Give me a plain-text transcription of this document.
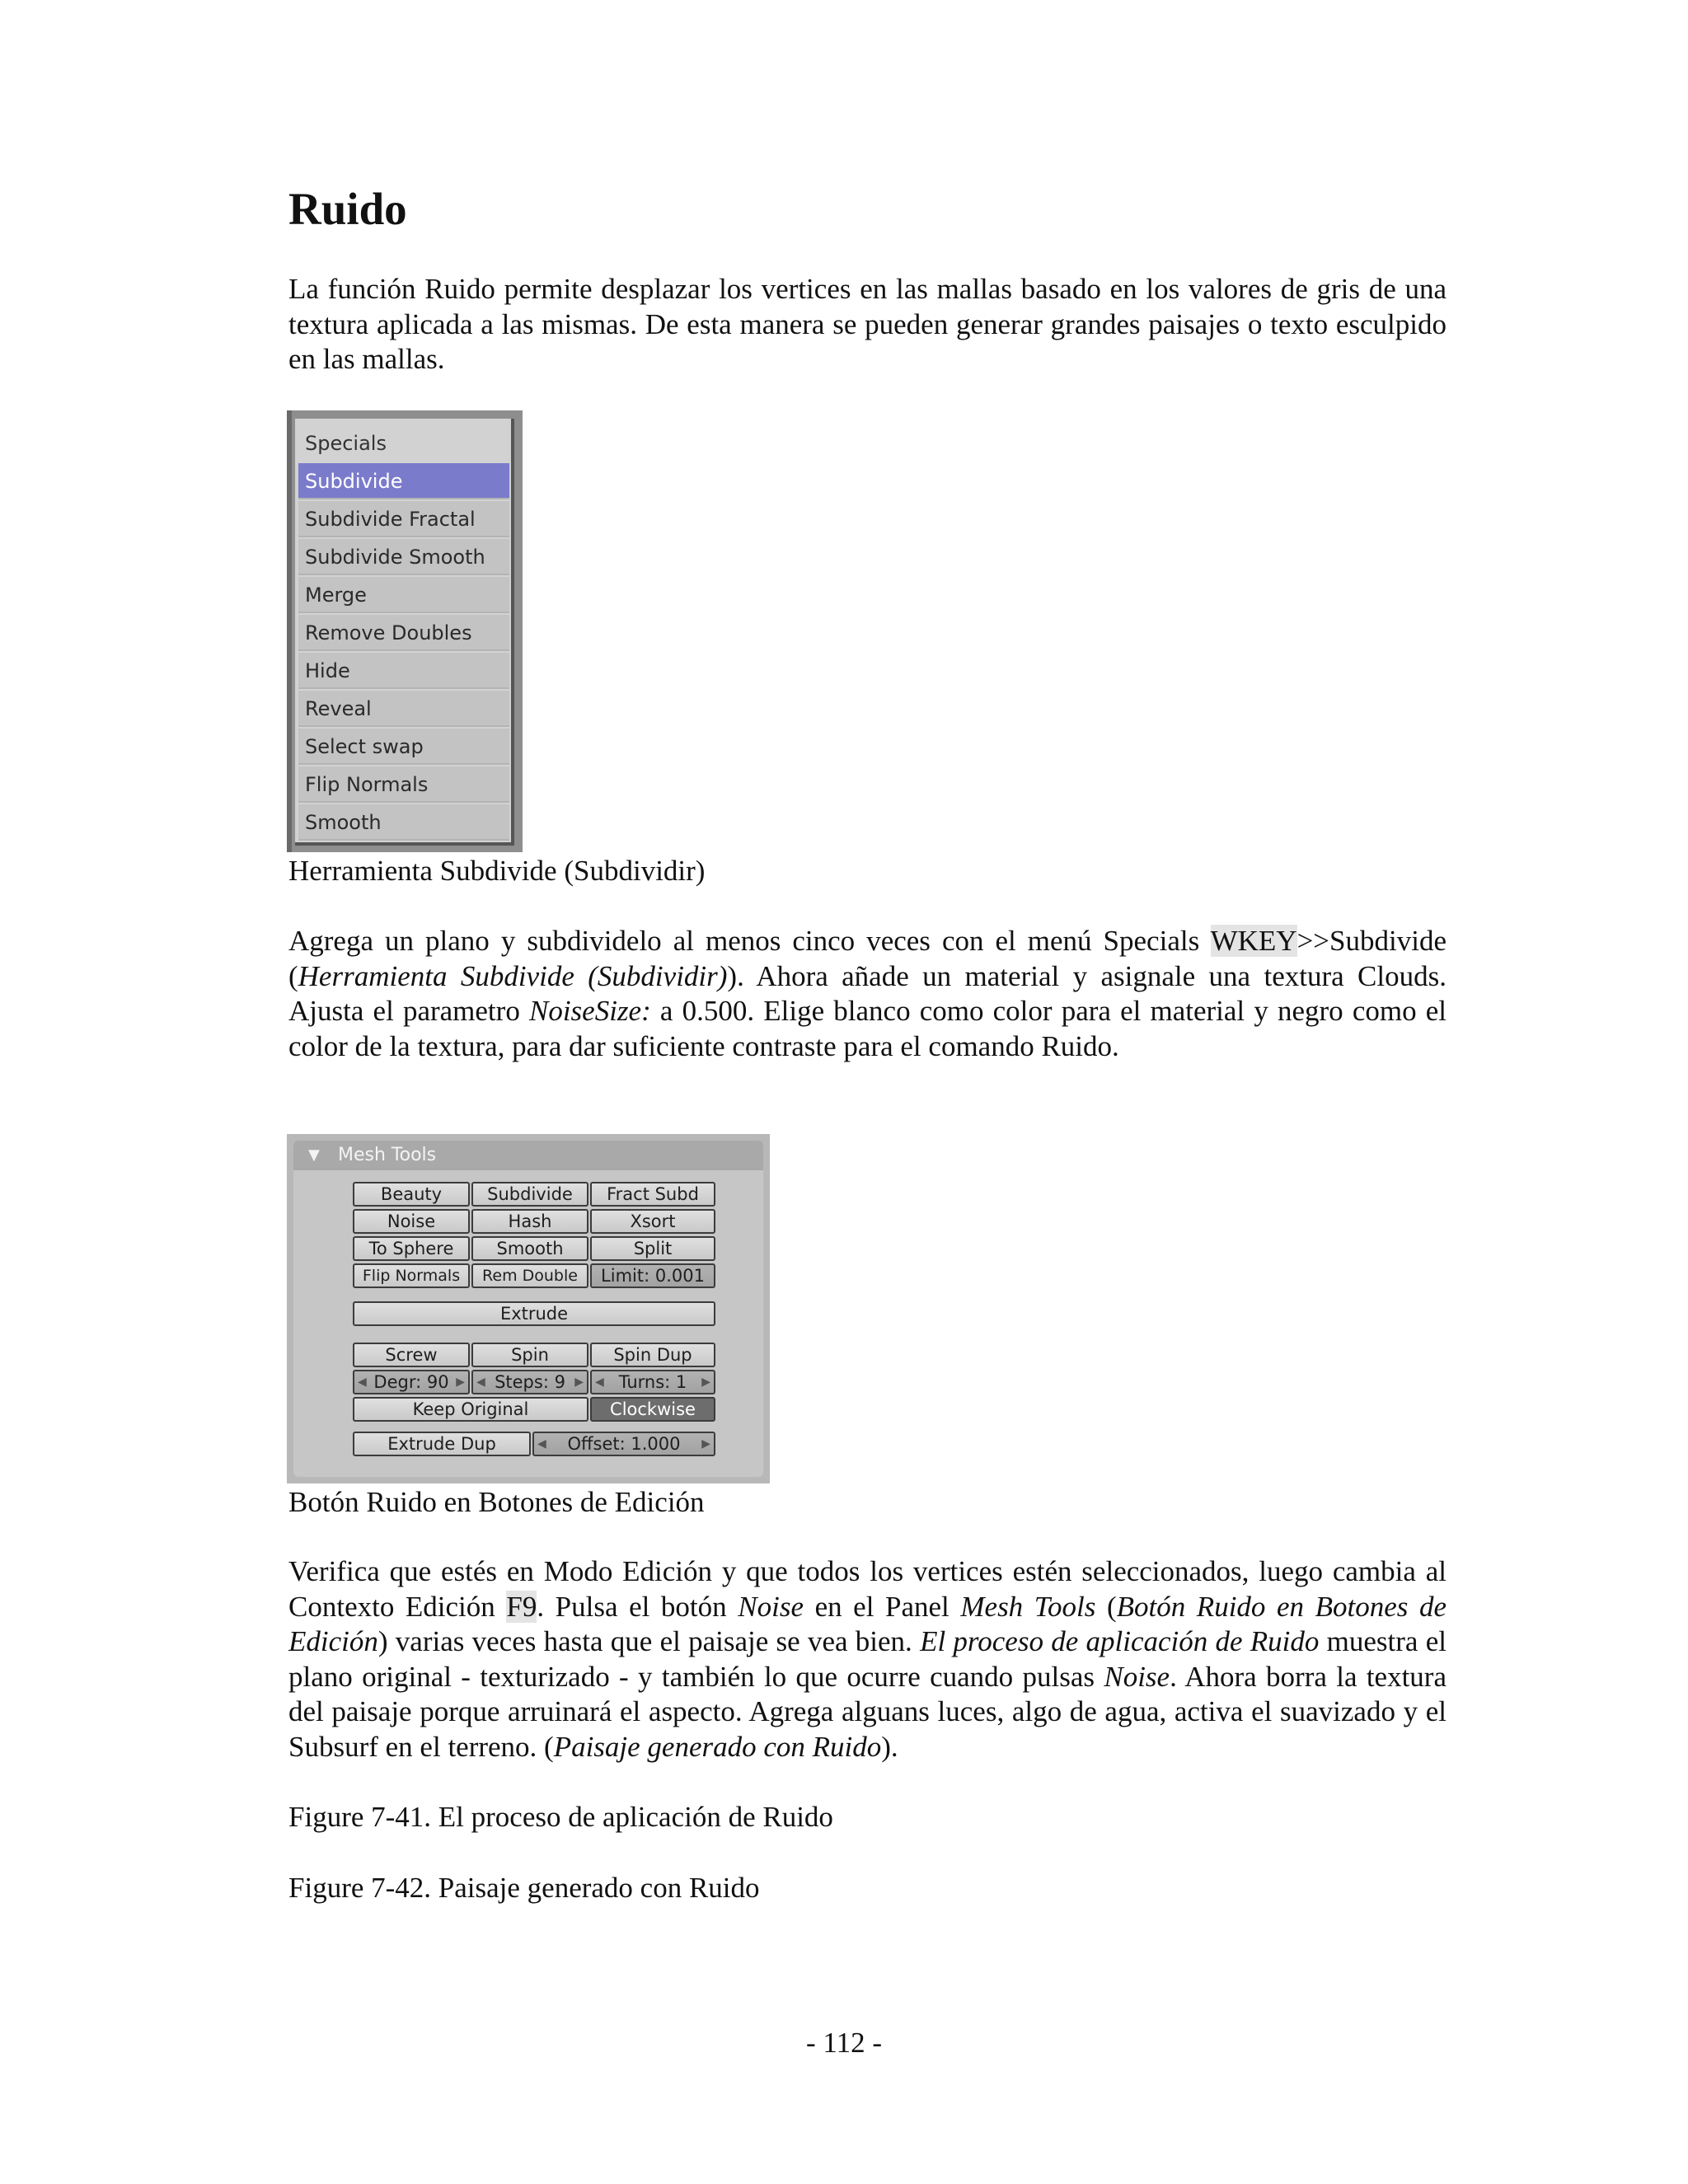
Ruido

La función Ruido permite desplazar los vertices en las mallas basado en los valores de gris de una textura aplicada a las mismas. De esta manera se pueden generar grandes paisajes o texto esculpido en las mallas.

Specials
Subdivide
Subdivide Fractal
Subdivide Smooth
Merge
Remove Doubles
Hide
Reveal
Select swap
Flip Normals
Smooth

Herramienta Subdivide (Subdividir)

Agrega un plano y subdividelo al menos cinco veces con el menú Specials WKEY>>Subdivide (Herramienta Subdivide (Subdividir)). Ahora añade un material y asignale una textura Clouds. Ajusta el parametro NoiseSize: a 0.500. Elige blanco como color para el material y negro como el color de la textura, para dar suficiente contraste para el comando Ruido.

▼ Mesh Tools
Beauty	Subdivide	Fract Subd
Noise	Hash	Xsort
To Sphere	Smooth	Split
Flip Normals	Rem Double	Limit: 0.001
Extrude
Screw	Spin	Spin Dup
◀ Degr: 90 ▶ ◀ Steps: 9 ▶ ◀ Turns: 1 ▶
Keep Original	Clockwise
Extrude Dup	◀ Offset: 1.000 ▶

Botón Ruido en Botones de Edición

Verifica que estés en Modo Edición y que todos los vertices estén seleccionados, luego cambia al Contexto Edición F9. Pulsa el botón Noise en el Panel Mesh Tools (Botón Ruido en Botones de Edición) varias veces hasta que el paisaje se vea bien. El proceso de aplicación de Ruido muestra el plano original - texturizado - y también lo que ocurre cuando pulsas Noise. Ahora borra la textura del paisaje porque arruinará el aspecto. Agrega alguans luces, algo de agua, activa el suavizado y el Subsurf en el terreno. (Paisaje generado con Ruido).

Figure 7-41. El proceso de aplicación de Ruido

Figure 7-42. Paisaje generado con Ruido

- 112 -
